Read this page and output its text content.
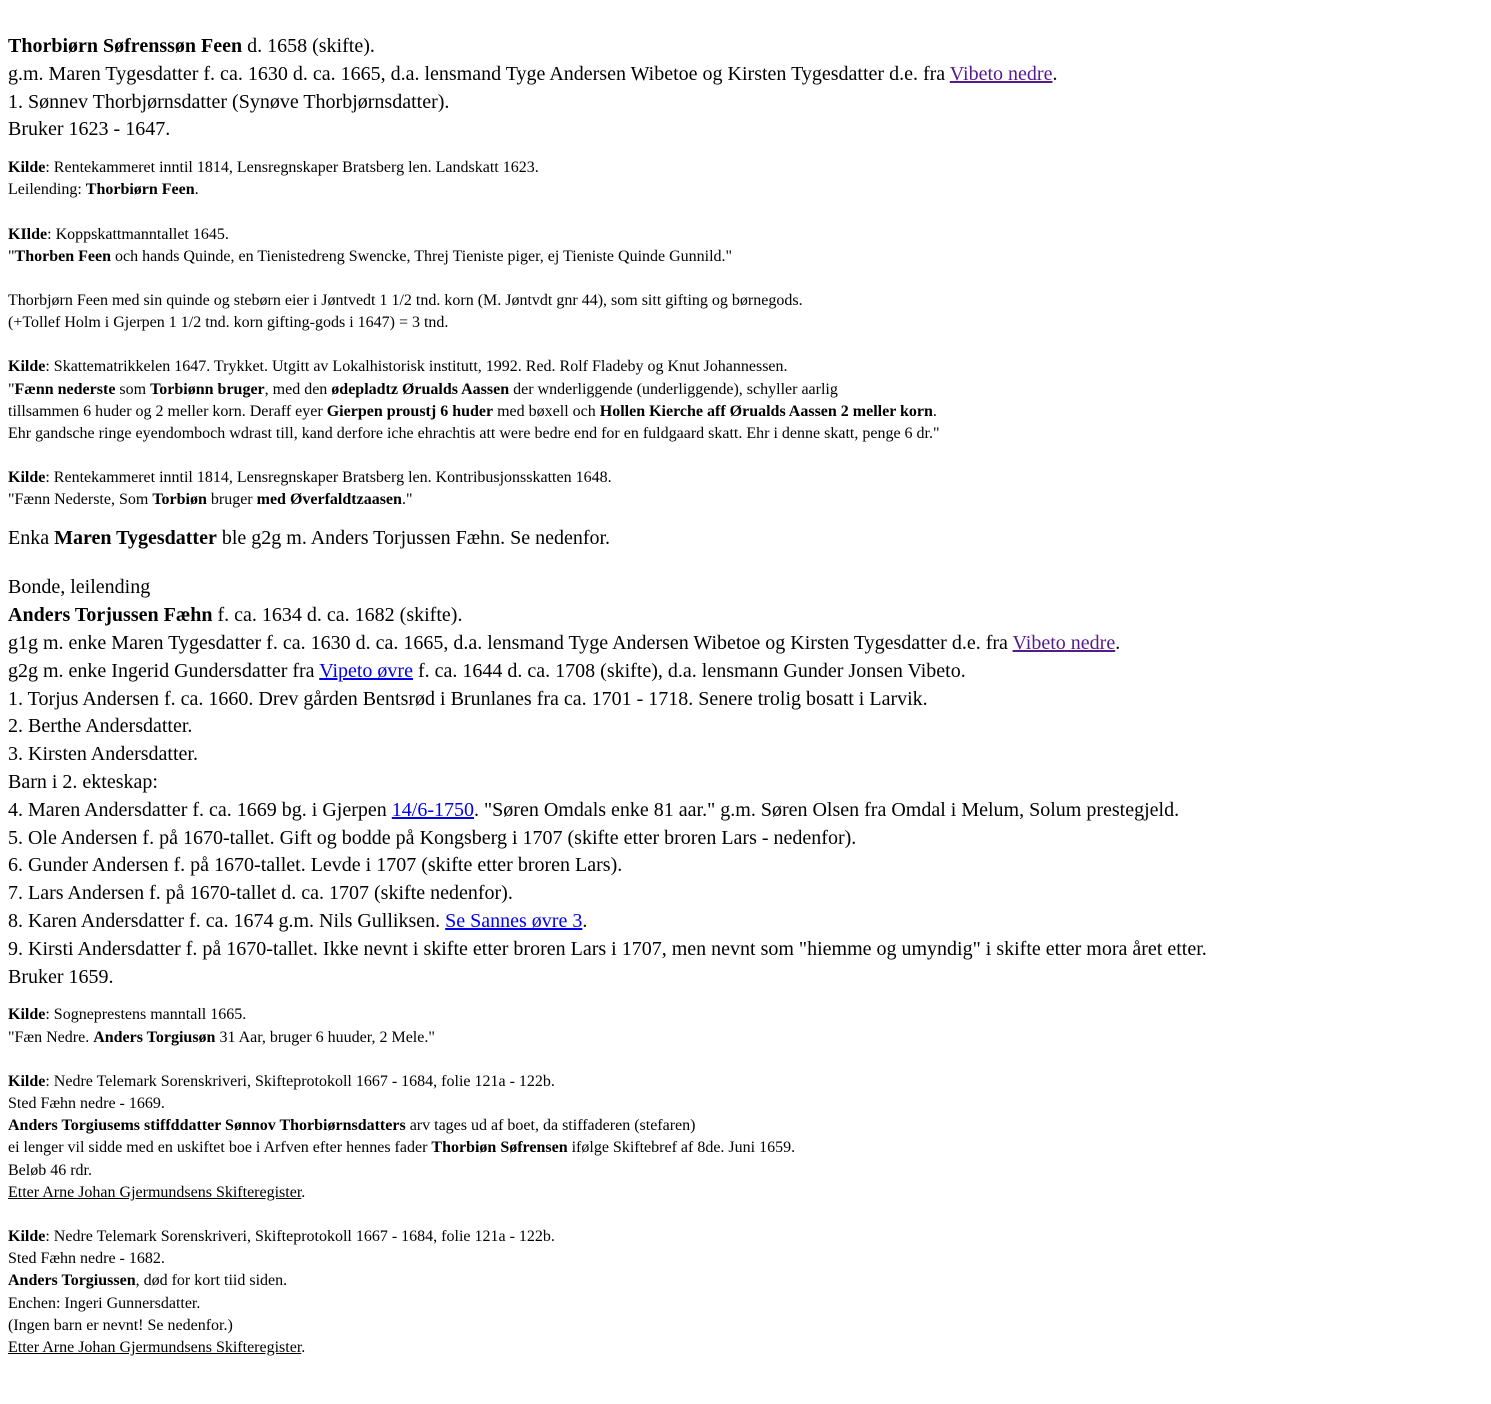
Thorbiørn Søfrenssøn Feen d. 1658 (skifte).
g.m. Maren Tygesdatter f. ca. 1630 d. ca. 1665, d.a. lensmand Tyge Andersen Wibetoe og Kirsten Tygesdatter d.e. fra Vibeto nedre.
1. Sønnev Thorbjørnsdatter (Synøve Thorbjørnsdatter).
Bruker 1623 - 1647.
Kilde: Rentekammeret inntil 1814, Lensregnskaper Bratsberg len. Landskatt 1623.
Leilending: Thorbiørn Feen.
KIlde: Koppskattmanntallet 1645.
"Thorben Feen och hands Quinde, en Tienistedreng Swencke, Threj Tieniste piger, ej Tieniste Quinde Gunnild."
Thorbjørn Feen med sin quinde og stebørn eier i Jøntvedt 1 1/2 tnd. korn (M. Jøntvdt gnr 44), som sitt gifting og børnegods.
(+Tollef Holm i Gjerpen 1 1/2 tnd. korn gifting-gods i 1647) = 3 tnd.
Kilde: Skattematrikkelen 1647. Trykket. Utgitt av Lokalhistorisk institutt, 1992. Red. Rolf Fladeby og Knut Johannessen.
"Fænn nederste som Torbiønn bruger, med den ødepladtz Ørualds Aassen der wnderliggende (underliggende), schyller aarlig
tillsammen 6 huder og 2 meller korn. Deraff eyer Gierpen proustj 6 huder med bøxell och Hollen Kierche aff Ørualds Aassen 2 meller korn.
Ehr gandsche ringe eyendomboch wdrast till, kand derfore iche ehrachtis att were bedre end for en fuldgaard skatt. Ehr i denne skatt, penge 6 dr."
Kilde: Rentekammeret inntil 1814, Lensregnskaper Bratsberg len. Kontribusjonsskatten 1648.
"Fænn Nederste, Som Torbiøn bruger med Øverfaldtzaasen."
Enka Maren Tygesdatter ble g2g m. Anders Torjussen Fæhn. Se nedenfor.
Bonde, leilending
Anders Torjussen Fæhn f. ca. 1634 d. ca. 1682 (skifte).
g1g m. enke Maren Tygesdatter f. ca. 1630 d. ca. 1665, d.a. lensmand Tyge Andersen Wibetoe og Kirsten Tygesdatter d.e. fra Vibeto nedre.
g2g m. enke Ingerid Gundersdatter fra Vipeto øvre f. ca. 1644 d. ca. 1708 (skifte), d.a. lensmann Gunder Jonsen Vibeto.
1. Torjus Andersen f. ca. 1660. Drev gården Bentsrød i Brunlanes fra ca. 1701 - 1718. Senere trolig bosatt i Larvik.
2. Berthe Andersdatter.
3. Kirsten Andersdatter.
Barn i 2. ekteskap:
4. Maren Andersdatter f. ca. 1669 bg. i Gjerpen 14/6-1750. "Søren Omdals enke 81 aar." g.m. Søren Olsen fra Omdal i Melum, Solum prestegjeld.
5. Ole Andersen f. på 1670-tallet. Gift og bodde på Kongsberg i 1707 (skifte etter broren Lars - nedenfor).
6. Gunder Andersen f. på 1670-tallet. Levde i 1707 (skifte etter broren Lars).
7. Lars Andersen f. på 1670-tallet d. ca. 1707 (skifte nedenfor).
8. Karen Andersdatter f. ca. 1674 g.m. Nils Gulliksen. Se Sannes øvre 3.
9. Kirsti Andersdatter f. på 1670-tallet. Ikke nevnt i skifte etter broren Lars i 1707, men nevnt som "hiemme og umyndig" i skifte etter mora året etter.
Bruker 1659.
Kilde: Sogneprestens manntall 1665.
"Fæn Nedre. Anders Torgiusøn 31 Aar, bruger 6 huuder, 2 Mele."
Kilde: Nedre Telemark Sorenskriveri, Skifteprotokoll 1667 - 1684, folie 121a - 122b.
Sted Fæhn nedre - 1669.
Anders Torgiusems stiffddatter Sønnov Thorbiørnsdatters arv tages ud af boet, da stiffaderen (stefaren)
ei lenger vil sidde med en uskiftet boe i Arfven efter hennes fader Thorbiøn Søfrensen ifølge Skiftebref af 8de. Juni 1659.
Beløb 46 rdr.
Etter Arne Johan Gjermundsens Skifteregister.
Kilde: Nedre Telemark Sorenskriveri, Skifteprotokoll 1667 - 1684, folie 121a - 122b.
Sted Fæhn nedre - 1682.
Anders Torgiussen, død for kort tiid siden.
Enchen: Ingeri Gunnersdatter.
(Ingen barn er nevnt! Se nedenfor.)
Etter Arne Johan Gjermundsens Skifteregister.
